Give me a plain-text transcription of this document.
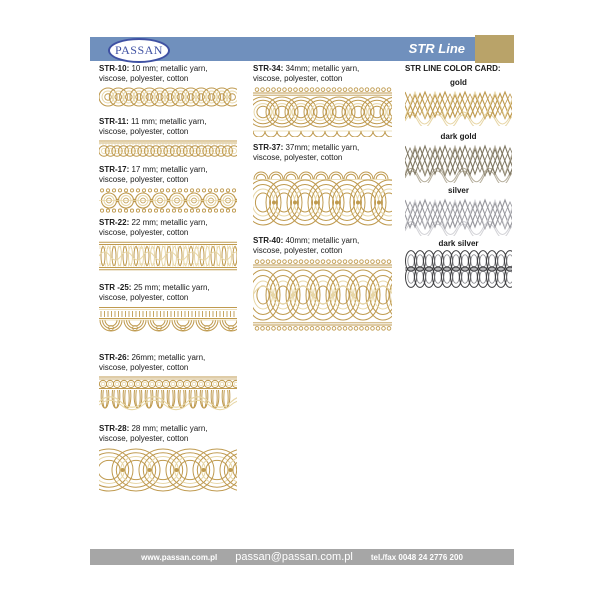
STR Line
PASSAN
STR-10: 10 mm; metallic yarn, viscose, polyester, cotton
STR-11: 11 mm; metallic yarn, viscose, polyester, cotton
STR-17: 17 mm; metallic yarn, viscose, polyester, cotton
STR-22: 22 mm; metallic yarn, viscose, polyester, cotton
STR -25: 25 mm; metallic yarn, viscose, polyester, cotton
STR-26: 26mm; metallic yarn, viscose, polyester, cotton
STR-28: 28 mm; metallic yarn, viscose, polyester, cotton
STR-34: 34mm; metallic yarn, viscose, polyester, cotton
STR-37: 37mm; metallic yarn, viscose, polyester, cotton
STR-40: 40mm; metallic yarn, viscose, polyester, cotton
STR LINE COLOR CARD:
gold
dark gold
silver
dark silver
www.passan.com.pl passan@passan.com.pl tel./fax 0048 24 2776 200
